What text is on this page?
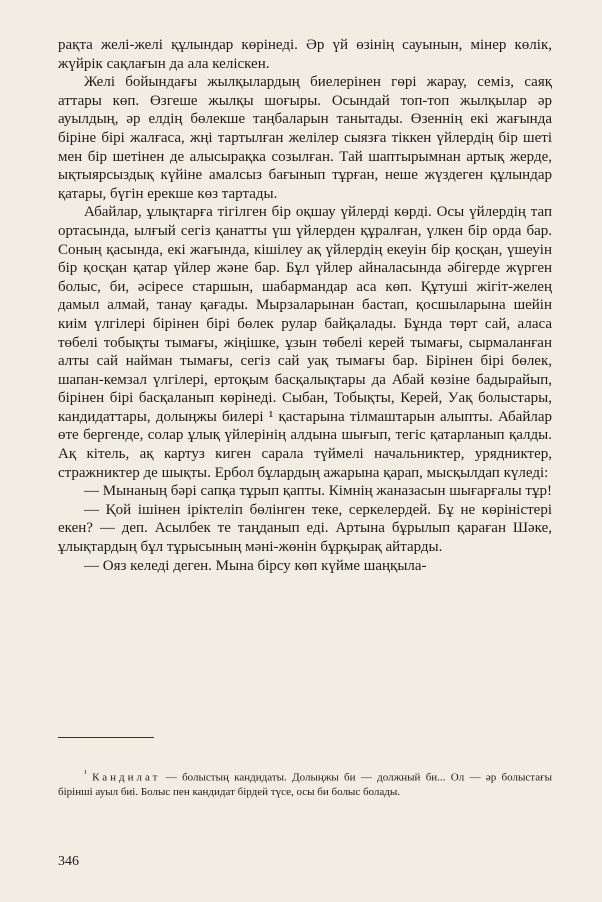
рақта желі-желі құлындар көрінеді. Әр үй өзінің сауынын, мінер көлік, жүйрік сақлағын да ала келіскен.

Желі бойындағы жылқылардың биелерінен гөрі жарау, семіз, саяқ аттары көп. Өзгеше жылқы шоғыры. Осындай топ-топ жылқылар әр ауылдың, әр елдің бөлекше таңбаларын танытады. Өзеннің екі жағында біріне бірі жалғаса, жңі тартылған желілер сыязға тіккен үйлердің бір шеті мен бір шетінен де алысырақка созылған. Тай шаптырымнан артық жерде, ықтыярсыздық күйіне амалсыз бағынып тұрған, неше жүздеген құлындар қатары, бүгін ерекше көз тартады.

Абайлар, ұлықтарға тігілген бір оқшау үйлерді көрді. Осы үйлердің тап ортасында, ылғый сегіз қанатты үш үйлерден құралған, үлкен бір орда бар. Соның қасында, екі жағында, кішілеу ақ үйлердің екеуін бір қосқан, үшеуін бір қосқан қатар үйлер және бар. Бұл үйлер айналасында әбігерде жүрген болыс, би, әсіресе старшын, шабармандар аса көп. Құтуші жігіт-желең дамыл алмай, танау қағады. Мырзаларынан бастап, қосшыларына шейін киім үлгілері бірінен бірі бөлек рулар байқалады. Бұнда төрт сай, аласа төбелі тобықты тымағы, жіңішке, ұзын төбелі керей тымағы, сырмаланған алты сай найман тымағы, сегіз сай уақ тымағы бар. Бірінен бірі бөлек, шапан-кемзал үлгілері, ертоқым басқалықтары да Абай көзіне бадырайып, бірінен бірі басқаланып көрінеді. Сыбан, Тобықты, Керей, Уақ болыстары, кандидаттары, долыңжы билері ¹ қастарына тілмаштарын алыпты. Абайлар өте бергенде, солар ұлық үйлерінің алдына шығып, тегіс қатарланып қалды. Ақ кітель, ақ картуз киген сарала түймелі начальниктер, урядниктер, стражниктер де шықты. Ербол бұлардың ажарына қарап, мысқылдап күледі:

— Мынаның бәрі сапқа тұрып қапты. Кімнің жаназасын шығарғалы тұр!

— Қой ішінен іріктеліп бөлінген теке, серкелердей. Бұ не көріністері екен? — деп. Асылбек те таңданып еді. Артына бұрылып қараған Шәке, ұлықтардың бұл тұрысының мәні-жөнін бұрқырақ айтарды.

— Ояз келеді деген. Мына бірсу көп күйме шаңқыла-

$^{^1}$ Кандилат — болыстың кандидаты. Долыңжы би — должный би... Ол — әр болыстағы бірінші ауыл биі. Болыс пен кандидат бірдей түсе, осы би болыс болады.

346
